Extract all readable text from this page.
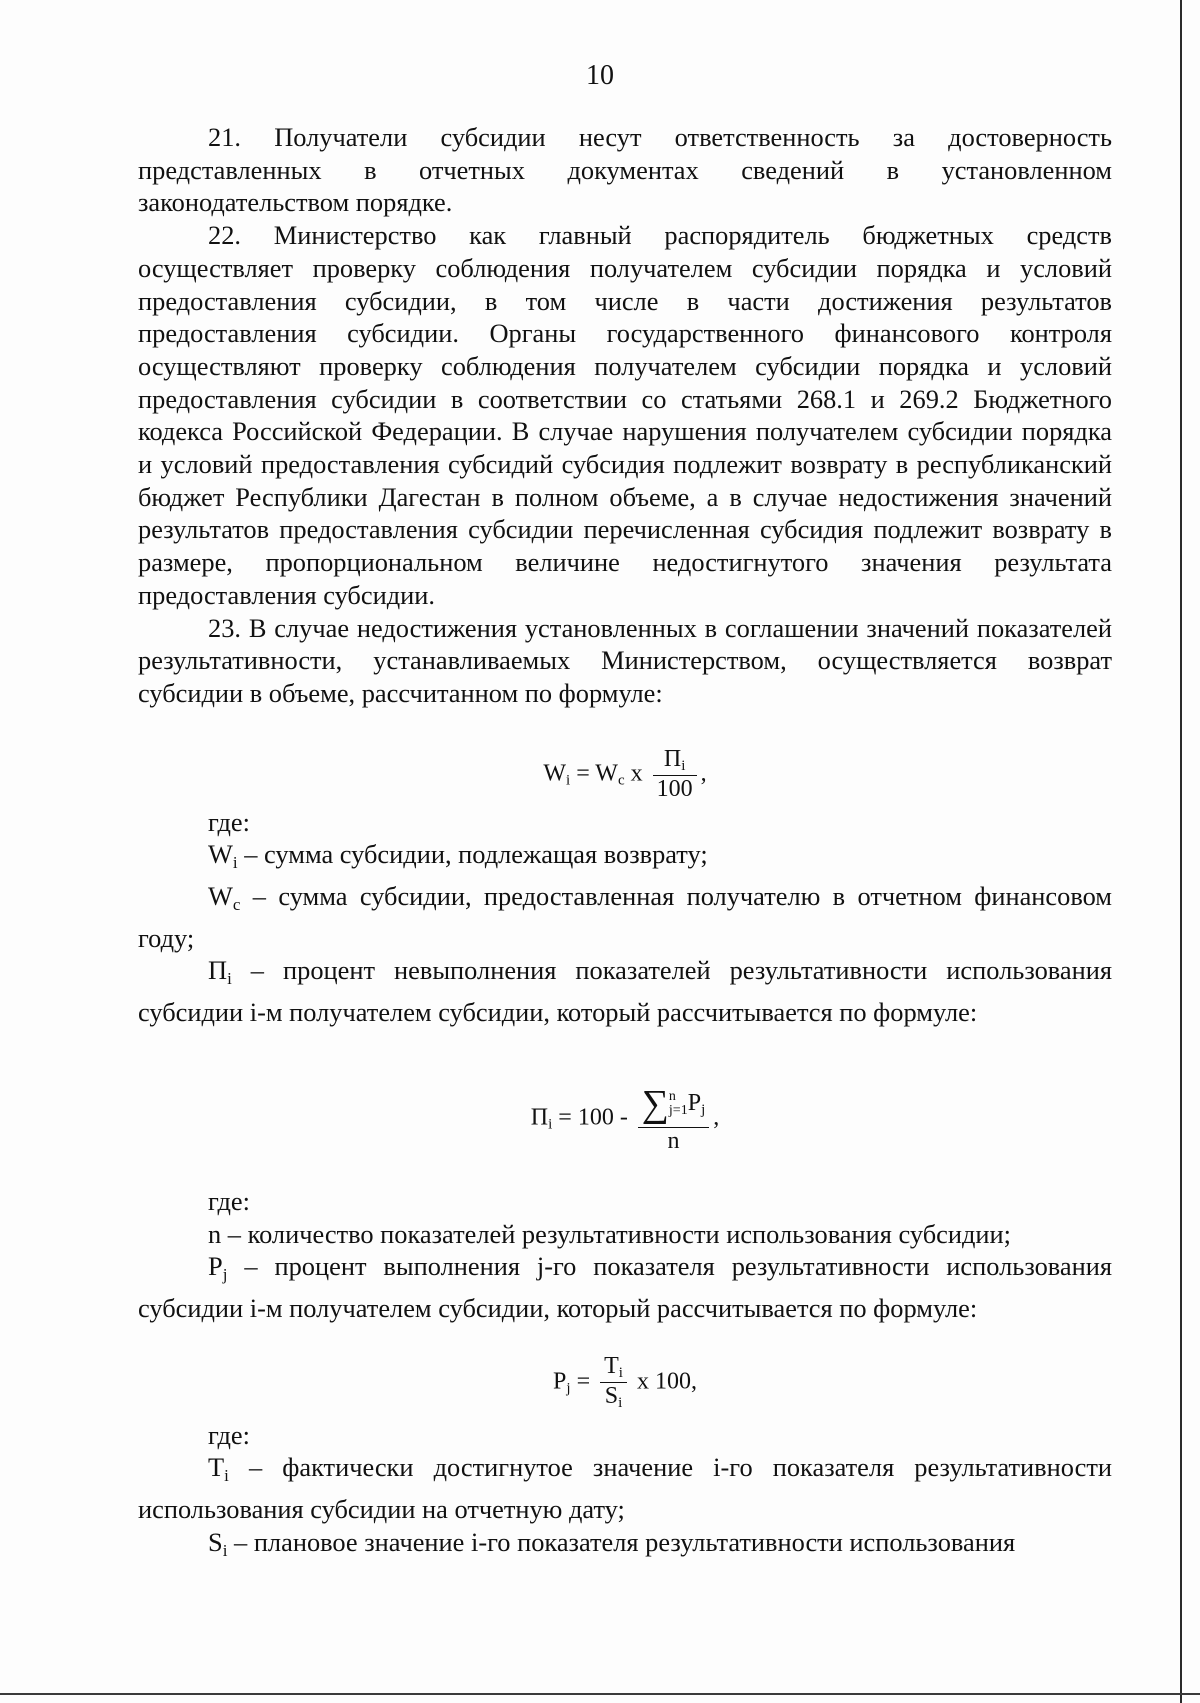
10

21. Получатели субсидии несут ответственность за достоверность представленных в отчетных документах сведений в установленном законодательством порядке.

22. Министерство как главный распорядитель бюджетных средств осуществляет проверку соблюдения получателем субсидии порядка и условий предоставления субсидии, в том числе в части достижения результатов предоставления субсидии. Органы государственного финансового контроля осуществляют проверку соблюдения получателем субсидии порядка и условий предоставления субсидии в соответствии со статьями 268.1 и 269.2 Бюджетного кодекса Российской Федерации. В случае нарушения получателем субсидии порядка и условий предоставления субсидий субсидия подлежит возврату в республиканский бюджет Республики Дагестан в полном объеме, а в случае недостижения значений результатов предоставления субсидии перечисленная субсидия подлежит возврату в размере, пропорциональном величине недостигнутого значения результата предоставления субсидии.

23. В случае недостижения установленных в соглашении значений показателей результативности, устанавливаемых Министерством, осуществляется возврат субсидии в объеме, рассчитанном по формуле:

$W_i = W_c$ x $\frac{П_i}{100}$ ,

где:

$W_i$ – сумма субсидии, подлежащая возврату;

$W_c$ – сумма субсидии, предоставленная получателю в отчетном финансовом году;

$П_i$ – процент невыполнения показателей результативности использования субсидии i-м получателем субсидии, который рассчитывается по формуле:

$П_i = 100$ - ∑ n
j=1 $P_j$
n ,

где:

n – количество показателей результативности использования субсидии;

$P_j$ – процент выполнения j-го показателя результативности использования субсидии i-м получателем субсидии, который рассчитывается по формуле:

$P_j = \frac{T_i}{S_i}$ x 100,

где:

$T_i$ – фактически достигнутое значение i-го показателя результативности использования субсидии на отчетную дату;

$S_i$ – плановое значение i-го показателя результативности использования
